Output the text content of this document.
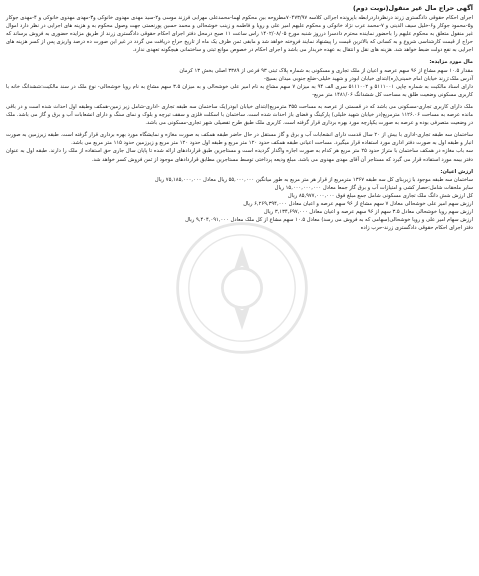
آگهی حراج مال غیر منقول(نوبت دوم)

اجرای احکام حقوقی دادگستری زرند درنظرداردرابطه باپرونده اجرائی کلاسه ۷۰۴۷۳/۹۷مطروحه بین محکوم لهما-محمدعلی مهرابی فرزند موسی و۲-سید مهدی مهدوی خانوکی و۳-مهدی مهدوی خانوکی و ۴-مهدی جوکار و۵-محمود جوکار و۶-خلیل سیف الدینی و ۷-محمد عرب نژاد خانوکی و محکوم علیهم امیر علی و رویا و فاطمه و زینب خوشحالی و محمد حسین پورنعمتی جهت وصول محکوم به و هزینه های اجرایی در نظر دارد اموال غیر منقول متعلق به محکوم علیهم را باحضور نماینده محترم دادسرا درروز شنبه مورخ ۱۴۰۲/۰۸/۰۵ راس ساعت ۱۱ صبح درمحل دفتر اجرای احکام حقوقی دادگستری زرند از طریق مزایده حضوری به فروش برساند که حراج از قیمت کارشناسی شروع و به کسانی که بالاترین قیمت را پیشنهاد نمایند فروخته خواهد شد و مابقی ثمن ظرف یک ماه از تاریخ حراج دریافت می گردد در غیر این صورت ده درصد واریزی پس از کسر هزینه های اجرایی به نفع دولت ضبط خواهد شد. هزینه های نقل و انتقال به عهده خریدار می باشد و اجرای احکام در خصوص موانع ثبتی و ساختمانی هیچگونه تعهدی ندارد.

مال مورد مزایده:

مقدار ۱۰.۵ سهم مشاع از ۹۶ سهم عرصه و اعیان از ملک تجاری و مسکونی به شماره پلاک ثبتی ۹۳ فرعی از ۳۳۸۹ اصلی بخش ۱۳ کرمان

آدرس ملک:زرند خیابان امام خمینی(ره)ابتدای خیابان ابوذر و شهید خلیلی-ضلع جنوبی میدان بسیج-

دارای اسناد مالکیت به شماره چاپی ۵۱۱۱۰۰۱ و ۵۱۱۱۰۰۲ سری الف ۹۴ به میزان ۷ سهم مشاع به نام امیر علی خوشحالی و به میزان ۳.۵ سهم مشاع به نام رویا خوشحالی- نوع ملک در سند مالکیت:ششدانگ خانه با کاربری مسکونی وضعیت طلق به مساحت کل ششدانگ ۱۴۸۱/۰۶ متر مربع-

ملک دارای کاربری تجاری-مسکونی می باشد که در قسمتی از عرصه به مساحت ۳۵۵ مترمربع(ابتدای خیابان ابوذر)یک ساختمان سه طبقه تجاری -اداری-شامل زیر زمین-همکف وطبقه اول احداث شده است و در باقی مانده عرصه به مساحت ۱۱۲۶.۰۶ مترمربع(در خیابان شهید خلیلی) پارکینگ و فضای باز احداث شده است. ساختمان با اسکلت فلزی و سقف تیرچه و بلوک و نمای سنگ و دارای انشعابات آب و برق و گاز می باشد. ملک در وضعیت متصرفی بوده و عرصه به صورت یکپارچه مورد بهره برداری قرار گرفته است. کاربری ملک طبق طرح تفصیلی شهر تجاری-مسکونی می باشد.

ساختمان سه طبقه تجاری-اداری با بیش از ۲۰ سال قدمت دارای انشعابات آب و برق و گاز مستقل در حال حاضر طبقه همکف به صورت مغازه و نمایشگاه مورد بهره برداری قرار گرفته است. طبقه زیرزمین به صورت انبار و طبقه اول به صورت دفتر اداری مورد استفاده قرار میگیرد. مساحت اعیانی طبقه همکف حدود ۱۲۰ متر مربع و طبقه اول حدود ۱۲۰ متر مربع و زیرزمین حدود ۱۱۵ متر مربع می باشد.

سه باب مغازه در همکف ساختمان با متراژ حدود ۲۵ متر مربع هر کدام به صورت اجاره واگذار گردیده است و مستاجرین طبق قراردادهای ارائه شده تا پایان سال جاری حق استفاده از ملک را دارند. طبقه اول به عنوان دفتر بیمه مورد استفاده قرار می گیرد که مستاجر آن آقای مهدی مهدوی می باشد. مبلغ ودیعه پرداختی توسط مستاجرین مطابق قراردادهای موجود از ثمن فروش کسر خواهد شد.

ارزش اعیان:

ساختمان سه طبقه موجود با زیربنای کل سه طبقه ۱۳۶۷ مترمربع از قرار هر متر مربع به طور میانگین ۵۵,۰۰۰,۰۰۰ ریال معادل ۷۵,۱۸۵,۰۰۰,۰۰۰ ریال

سایر ملحقات شامل:حصار کشی و امتیازات آب و برق گاز جمعا معادل ۱۵,۰۰۰,۰۰۰,۰۰۰ ریال

کل ارزش شش دانگ ملک تجاری مسکونی شامل جمع مبلغ فوق ۸۵,۹۷۷,۰۰۰,۰۰۰ ریال

ارزش سهم امیر علی خوشحالی معادل ۷ سهم مشاع از ۹۶ سهم عرصه و اعیان معادل ۶,۲۶۹,۳۹۴,۰۰۰ ریال

ارزش سهم رویا خوشحالی معادل ۳.۵ سهم از ۹۶ سهم عرصه و اعیان معادل ۳,۱۳۴,۶۹۷,۰۰۰ ریال

ارزش سهام امیر علی و رویا خوشحالی(سهامی که به فروش می رسد) معادل ۱۰.۵ سهم مشاع از کل ملک معادل ۹,۴۰۴,۰۹۱,۰۰۰ ریال

دفتر اجرای احکام حقوقی دادگستری زرند-حرب زاده
